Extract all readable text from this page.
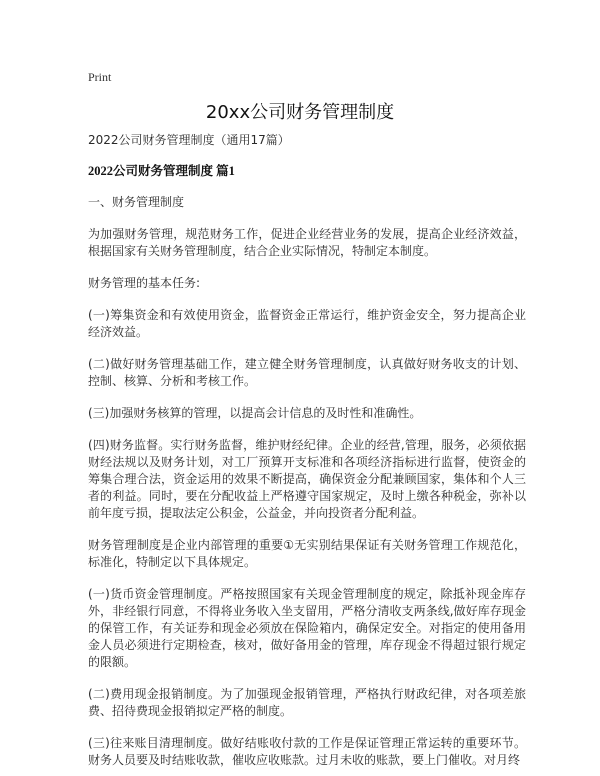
Print
20xx公司财务管理制度

2022公司财务管理制度（通用17篇）

2022公司财务管理制度 篇1

一、财务管理制度

为加强财务管理，规范财务工作，促进企业经营业务的发展，提高企业经济效益，根据国家有关财务管理制度，结合企业实际情况，特制定本制度。

财务管理的基本任务:

(一)筹集资金和有效使用资金，监督资金正常运行，维护资金安全，努力提高企业经济效益。

(二)做好财务管理基础工作，建立健全财务管理制度，认真做好财务收支的计划、控制、核算、分析和考核工作。

(三)加强财务核算的管理，以提高会计信息的及时性和准确性。

(四)财务监督。实行财务监督，维护财经纪律。企业的经营,管理，服务，必须依据财经法规以及财务计划，对工厂预算开支标准和各项经济指标进行监督，使资金的筹集合理合法，资金运用的效果不断提高，确保资金分配兼顾国家，集体和个人三者的利益。同时，要在分配收益上严格遵守国家规定，及时上缴各种税金，弥补以前年度亏损，提取法定公积金，公益金，并向投资者分配利益。

财务管理制度是企业内部管理的重要①无实别结果保证有关财务管理工作规范化，标准化，特制定以下具体规定。

(一)货币资金管理制度。严格按照国家有关现金管理制度的规定，除抵补现金库存外，非经银行同意，不得将业务收入坐支留用，严格分清收支两条线,做好库存现金的保管工作，有关证券和现金必须放在保险箱内，确保定安全。对指定的使用备用金人员必须进行定期检查，核对，做好备用金的管理，库存现金不得超过银行规定的限额。

(二)费用现金报销制度。为了加强现金报销管理，严格执行财政纪律，对各项差旅费、招待费现金报销拟定严格的制度。

(三)往来账目清理制度。做好结账收付款的工作是保证管理正常运转的重要环节。财务人员要及时结账收款，催收应收账款。过月未收的账款，要上门催收。对月终
